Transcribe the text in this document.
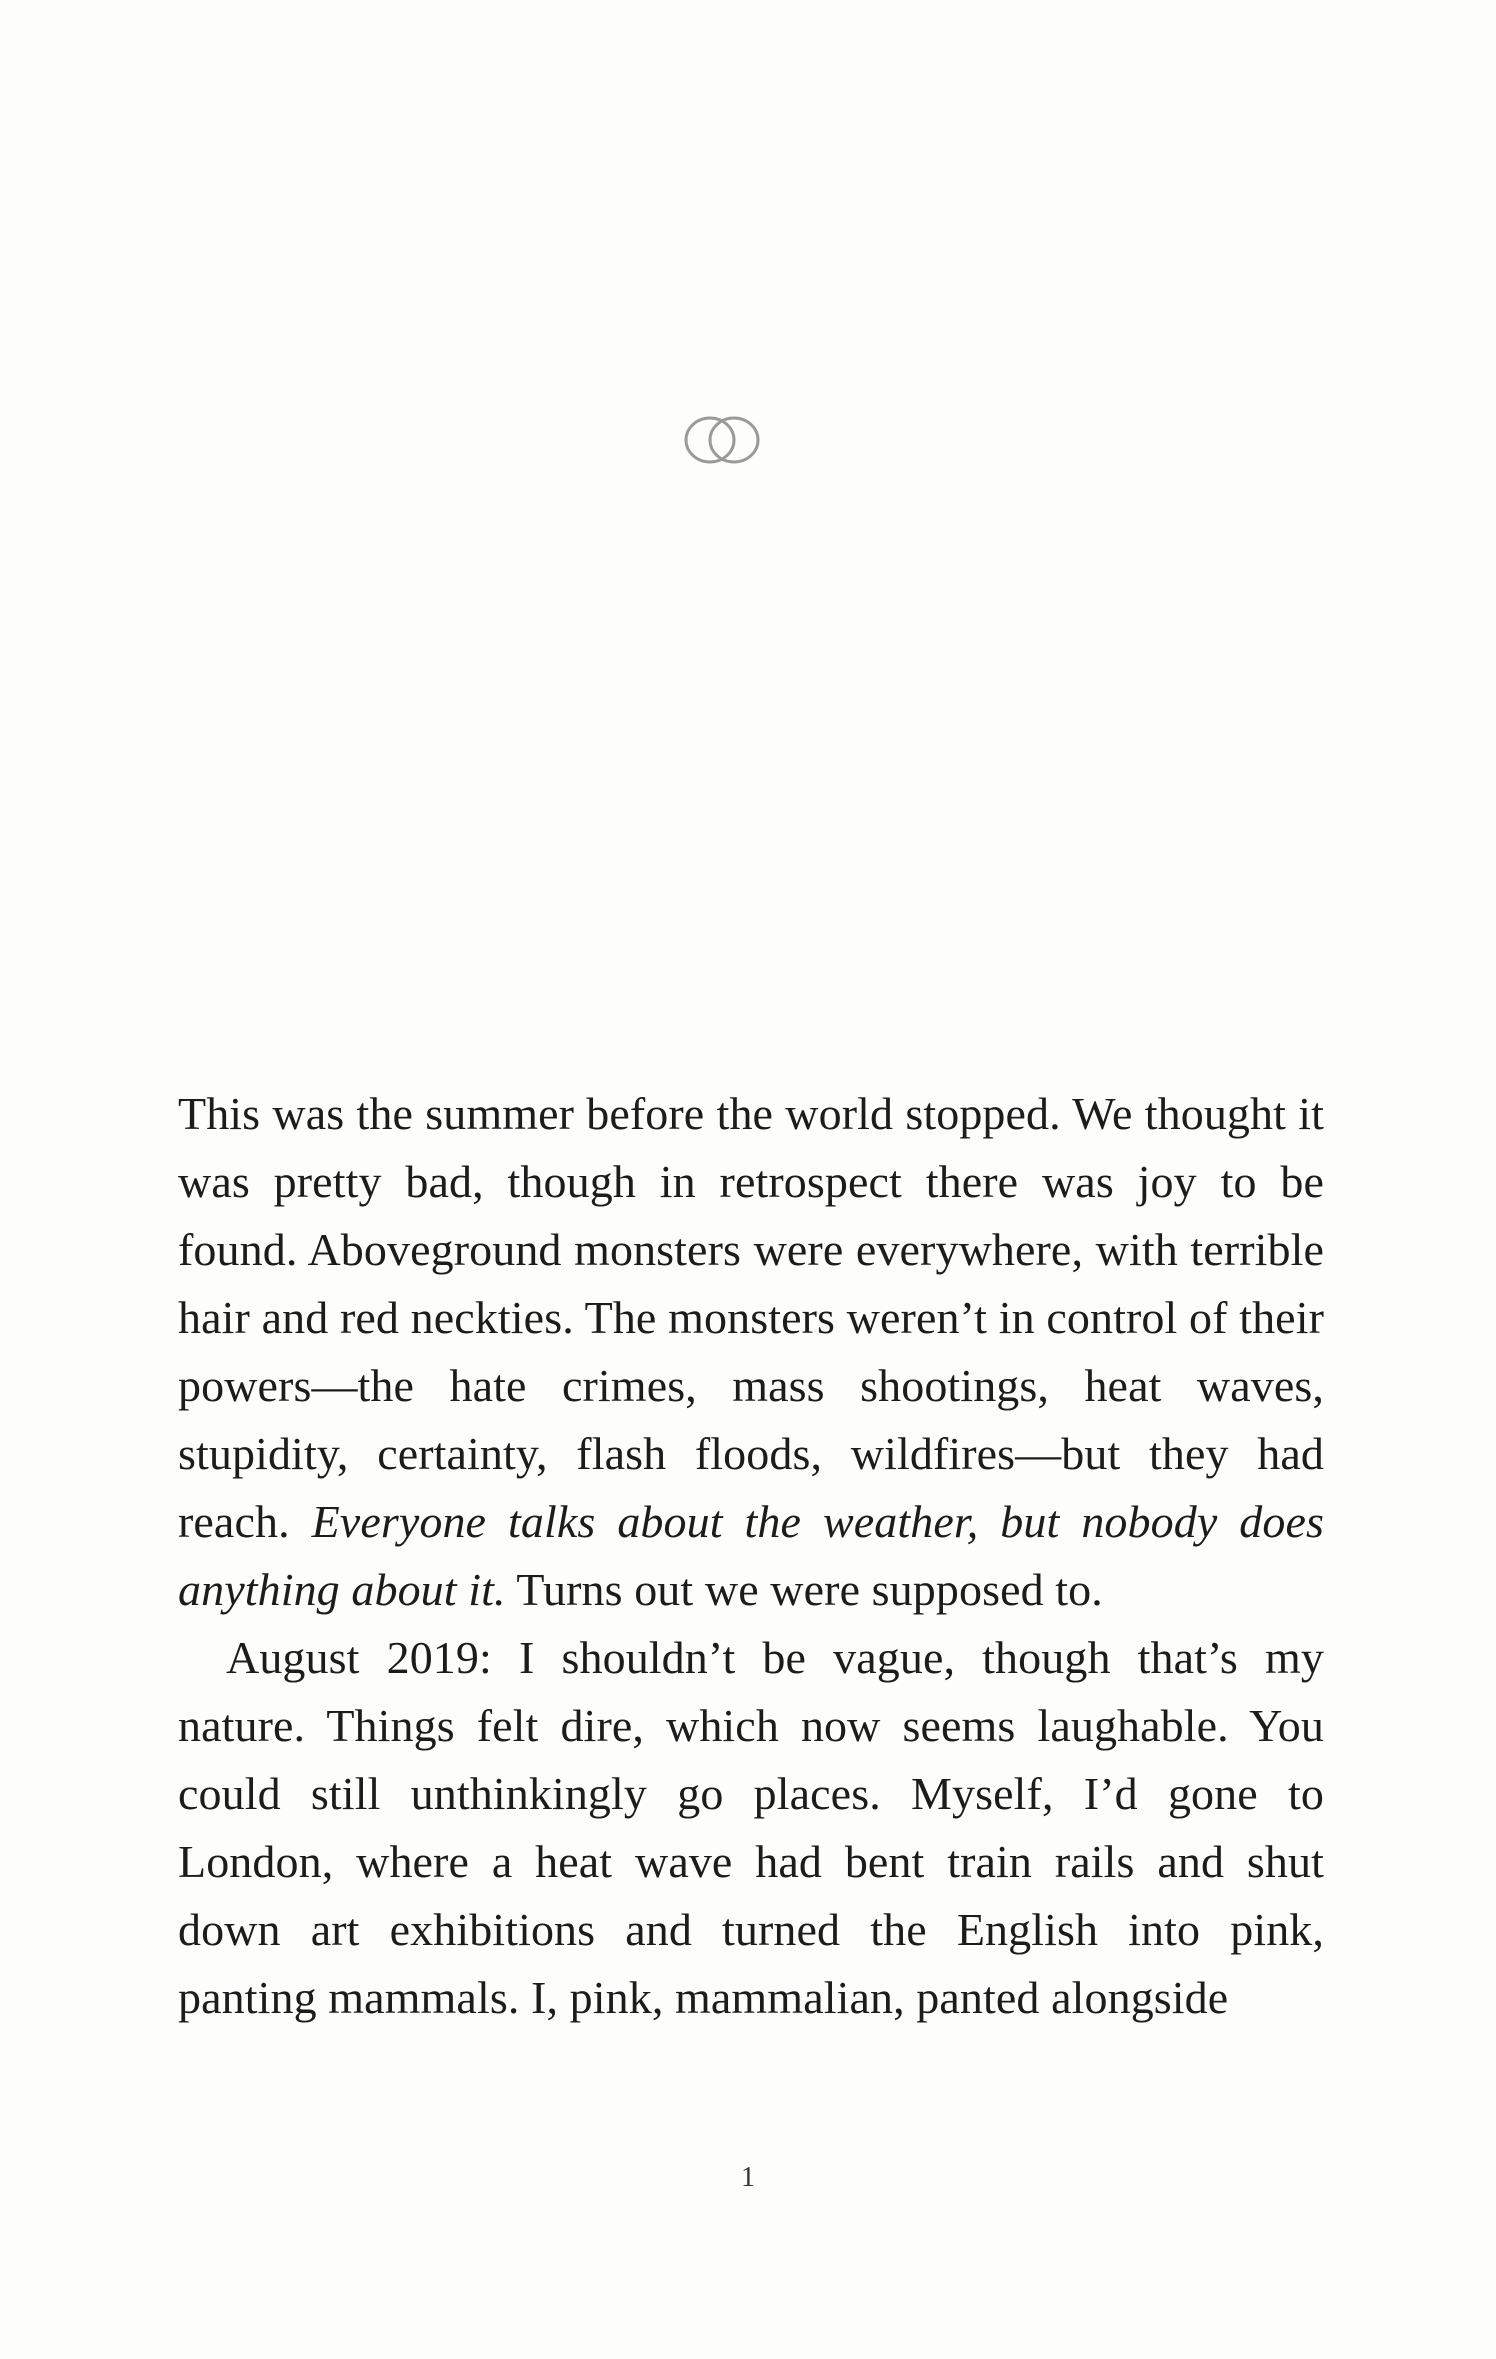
This was the summer before the world stopped. We thought it was pretty bad, though in retrospect there was joy to be found. Aboveground monsters were everywhere, with terrible hair and red neckties. The monsters weren’t in control of their powers—the hate crimes, mass shootings, heat waves, stupidity, certainty, flash floods, wildfires—but they had reach. Everyone talks about the weather, but nobody does anything about it. Turns out we were supposed to.

August 2019: I shouldn’t be vague, though that’s my nature. Things felt dire, which now seems laughable. You could still unthinkingly go places. Myself, I’d gone to London, where a heat wave had bent train rails and shut down art exhibitions and turned the English into pink, panting mammals. I, pink, mammalian, panted alongside

1
